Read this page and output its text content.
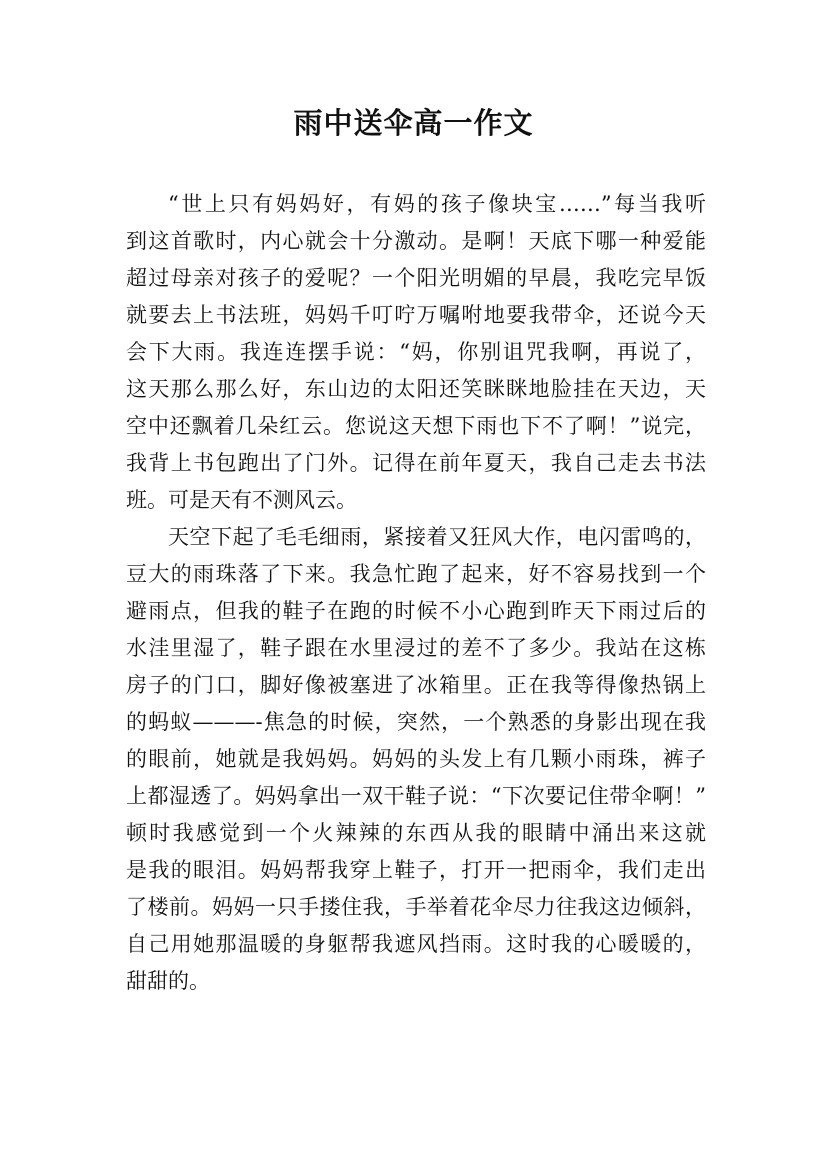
雨中送伞高一作文
“世上只有妈妈好，有妈的孩子像块宝……”每当我听
到这首歌时，内心就会十分激动。是啊！天底下哪一种爱能
超过母亲对孩子的爱呢？一个阳光明媚的早晨，我吃完早饭
就要去上书法班，妈妈千叮咛万嘱咐地要我带伞，还说今天
会下大雨。我连连摆手说：“妈，你别诅咒我啊，再说了，
这天那么那么好，东山边的太阳还笑眯眯地脸挂在天边，天
空中还飘着几朵红云。您说这天想下雨也下不了啊！”说完，
我背上书包跑出了门外。记得在前年夏天，我自己走去书法
班。可是天有不测风云。
天空下起了毛毛细雨，紧接着又狂风大作，电闪雷鸣的，
豆大的雨珠落了下来。我急忙跑了起来，好不容易找到一个
避雨点，但我的鞋子在跑的时候不小心跑到昨天下雨过后的
水洼里湿了，鞋子跟在水里浸过的差不了多少。我站在这栋
房子的门口，脚好像被塞进了冰箱里。正在我等得像热锅上
的蚂蚁———-焦急的时候，突然，一个熟悉的身影出现在我
的眼前，她就是我妈妈。妈妈的头发上有几颗小雨珠，裤子
上都湿透了。妈妈拿出一双干鞋子说：“下次要记住带伞啊！”
顿时我感觉到一个火辣辣的东西从我的眼睛中涌出来这就
是我的眼泪。妈妈帮我穿上鞋子，打开一把雨伞，我们走出
了楼前。妈妈一只手搂住我，手举着花伞尽力往我这边倾斜，
自己用她那温暖的身躯帮我遮风挡雨。这时我的心暖暖的，
甜甜的。
